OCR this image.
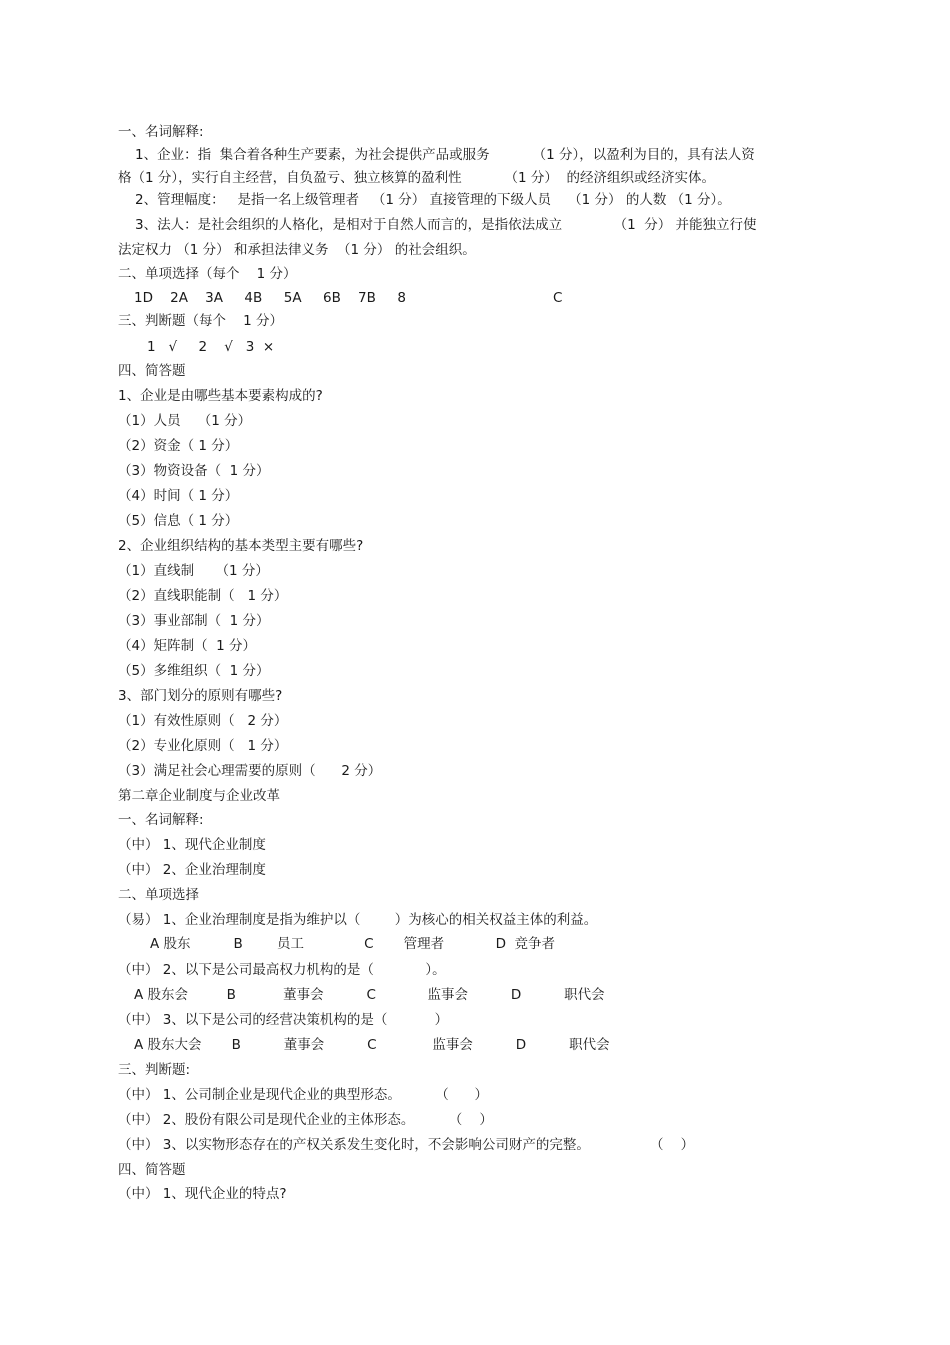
一、名词解释:
1、企业：指  集合着各种生产要素，为社会提供产品或服务          （1 分），以盈利为目的，具有法人资
格（1 分），实行自主经营，自负盈亏、独立核算的盈利性          （1 分）  的经济组织或经济实体。
2、管理幅度：   是指一名上级管理者   （1 分） 直接管理的下级人员    （1 分） 的人数 （1 分）。
3、法人：是社会组织的人格化，是相对于自然人而言的，是指依法成立            （1  分） 并能独立行使
法定权力 （1 分） 和承担法律义务  （1 分） 的社会组织。
二、单项选择（每个    1 分）
1D    2A    3A     4B     5A     6B    7B     8	C
三、判断题（每个    1 分）
1   √     2    √   3  ×
四、简答题
1、企业是由哪些基本要素构成的?
（1）人员    （1 分）
（2）资金（ 1 分）
（3）物资设备（  1 分）
（4）时间（ 1 分）
（5）信息（ 1 分）
2、企业组织结构的基本类型主要有哪些?
（1）直线制     （1 分）
（2）直线职能制（   1 分）
（3）事业部制（  1 分）
（4）矩阵制（  1 分）
（5）多维组织（  1 分）
3、部门划分的原则有哪些?
（1）有效性原则（   2 分）
（2）专业化原则（   1 分）
（3）满足社会心理需要的原则（      2 分）
第二章企业制度与企业改革
一、名词解释:
（中） 1、现代企业制度
（中） 2、企业治理制度
二、单项选择
（易） 1、企业治理制度是指为维护以（        ）为核心的相关权益主体的利益。
A 股东          B        员工              C       管理者            D  竞争者
（中） 2、以下是公司最高权力机构的是（            ）。
A 股东会         B           董事会          C            监事会          D          职代会
（中） 3、以下是公司的经营决策机构的是（           ）
A 股东大会       B          董事会          C             监事会          D          职代会
三、判断题:
（中） 1、公司制企业是现代企业的典型形态。        （      ）
（中） 2、股份有限公司是现代企业的主体形态。        （    ）
（中） 3、以实物形态存在的产权关系发生变化时，不会影响公司财产的完整。              （    ）
四、简答题
（中） 1、现代企业的特点?
